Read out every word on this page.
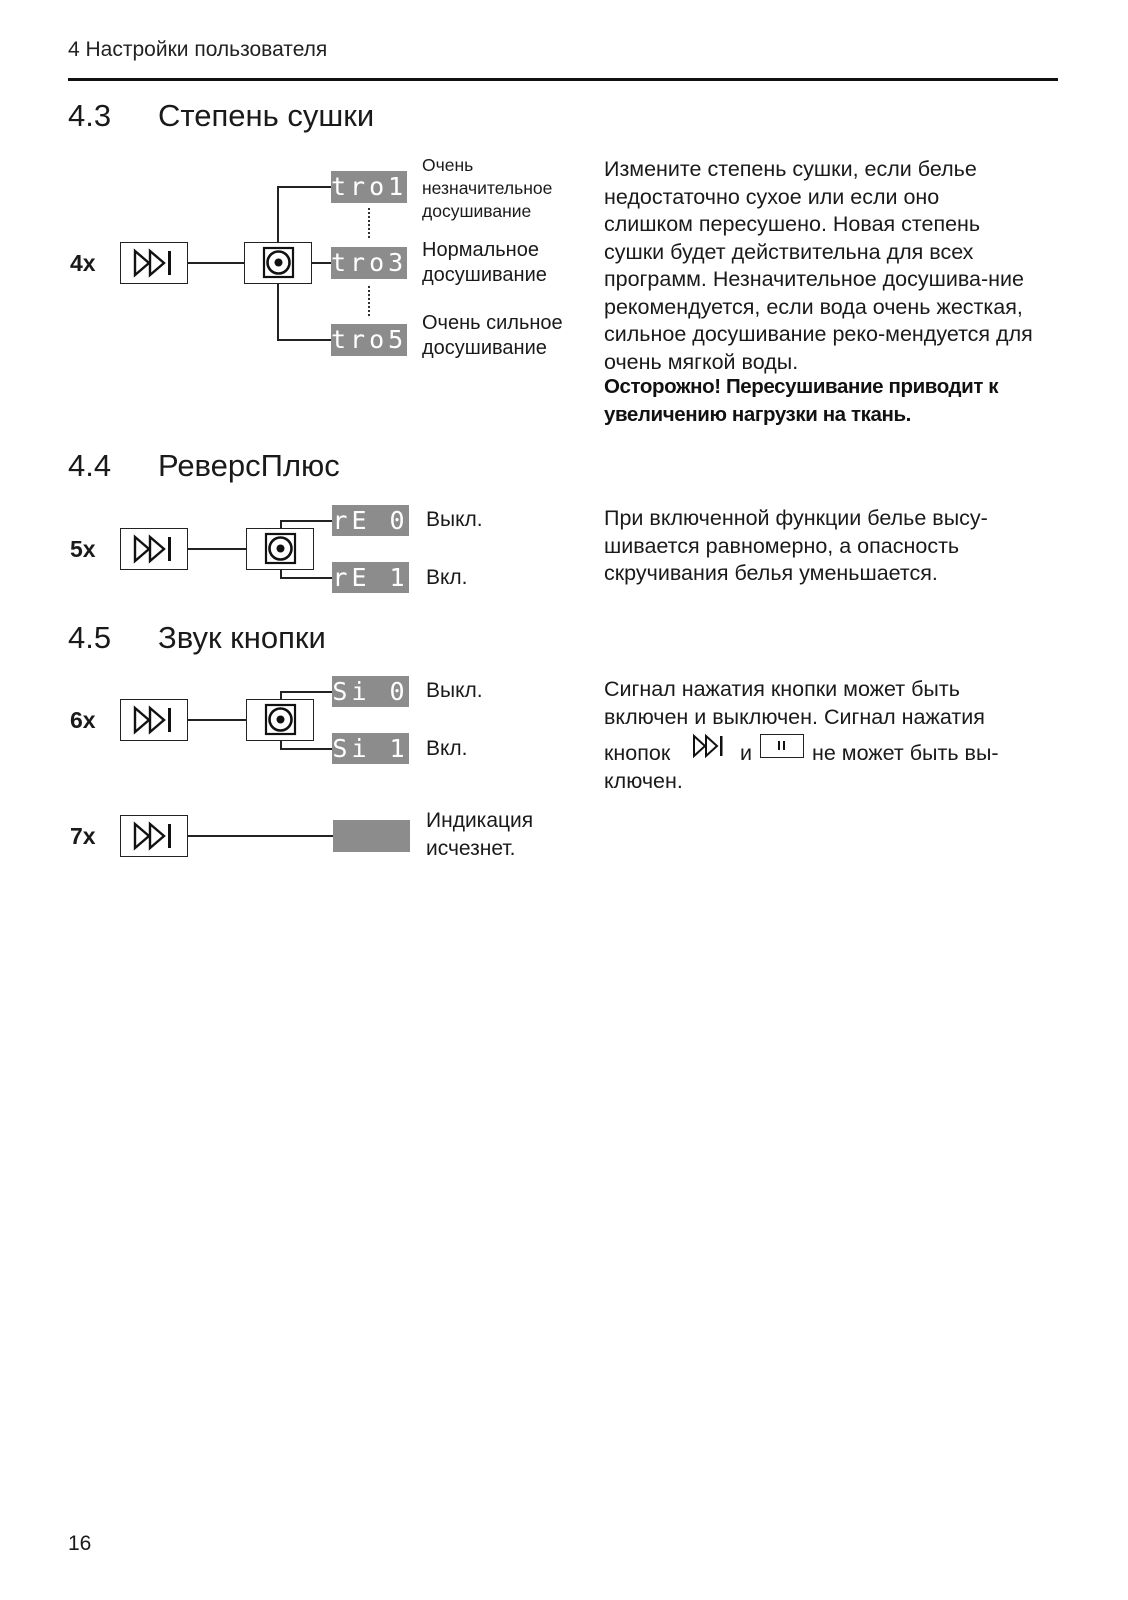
4 Настройки пользователя
4.3 Степень сушки
4x
tro1
tro3
tro5
Очень незначительное досушивание
Нормальное досушивание
Очень сильное досушивание
Измените степень сушки, если белье недостаточно сухое или если оно слишком пересушено. Новая степень сушки будет действительна для всех программ. Незначительное досушива-ние рекомендуется, если вода очень жесткая, сильное досушивание реко-мендуется для очень мягкой воды.
Осторожно! Пересушивание приводит к увеличению нагрузки на ткань.
4.4 РеверсПлюс
5x
rE 0
rE 1
Выкл.
Вкл.
При включенной функции белье высу-шивается равномерно, а опасность скручивания белья уменьшается.
4.5 Звук кнопки
6x
Si 0
Si 1
Выкл.
Вкл.
Сигнал нажатия кнопки может быть
включен и выключен. Сигнал нажатия
кнопок	и	не может быть вы-
ключен.
7x
Индикация исчезнет.
16
